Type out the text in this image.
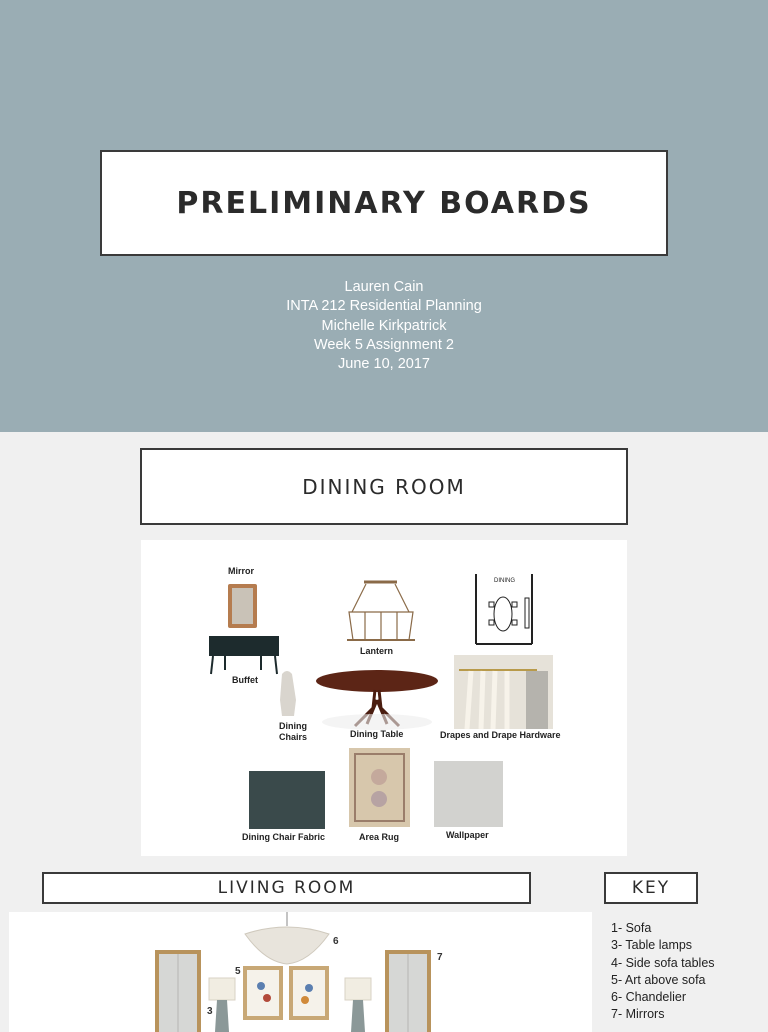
PRELIMINARY BOARDS
Lauren Cain
INTA 212 Residential Planning
Michelle Kirkpatrick
Week 5 Assignment 2
June 10, 2017
DINING ROOM
Mirror
Lantern
DINING
Buffet
Dining
Chairs	Dining Table	Drapes and Drape Hardware
Dining Chair Fabric	Area Rug	Wallpaper
LIVING ROOM	KEY
6
7
5
3
1- Sofa
3- Table lamps
4- Side sofa tables
5- Art above sofa
6- Chandelier
7- Mirrors
